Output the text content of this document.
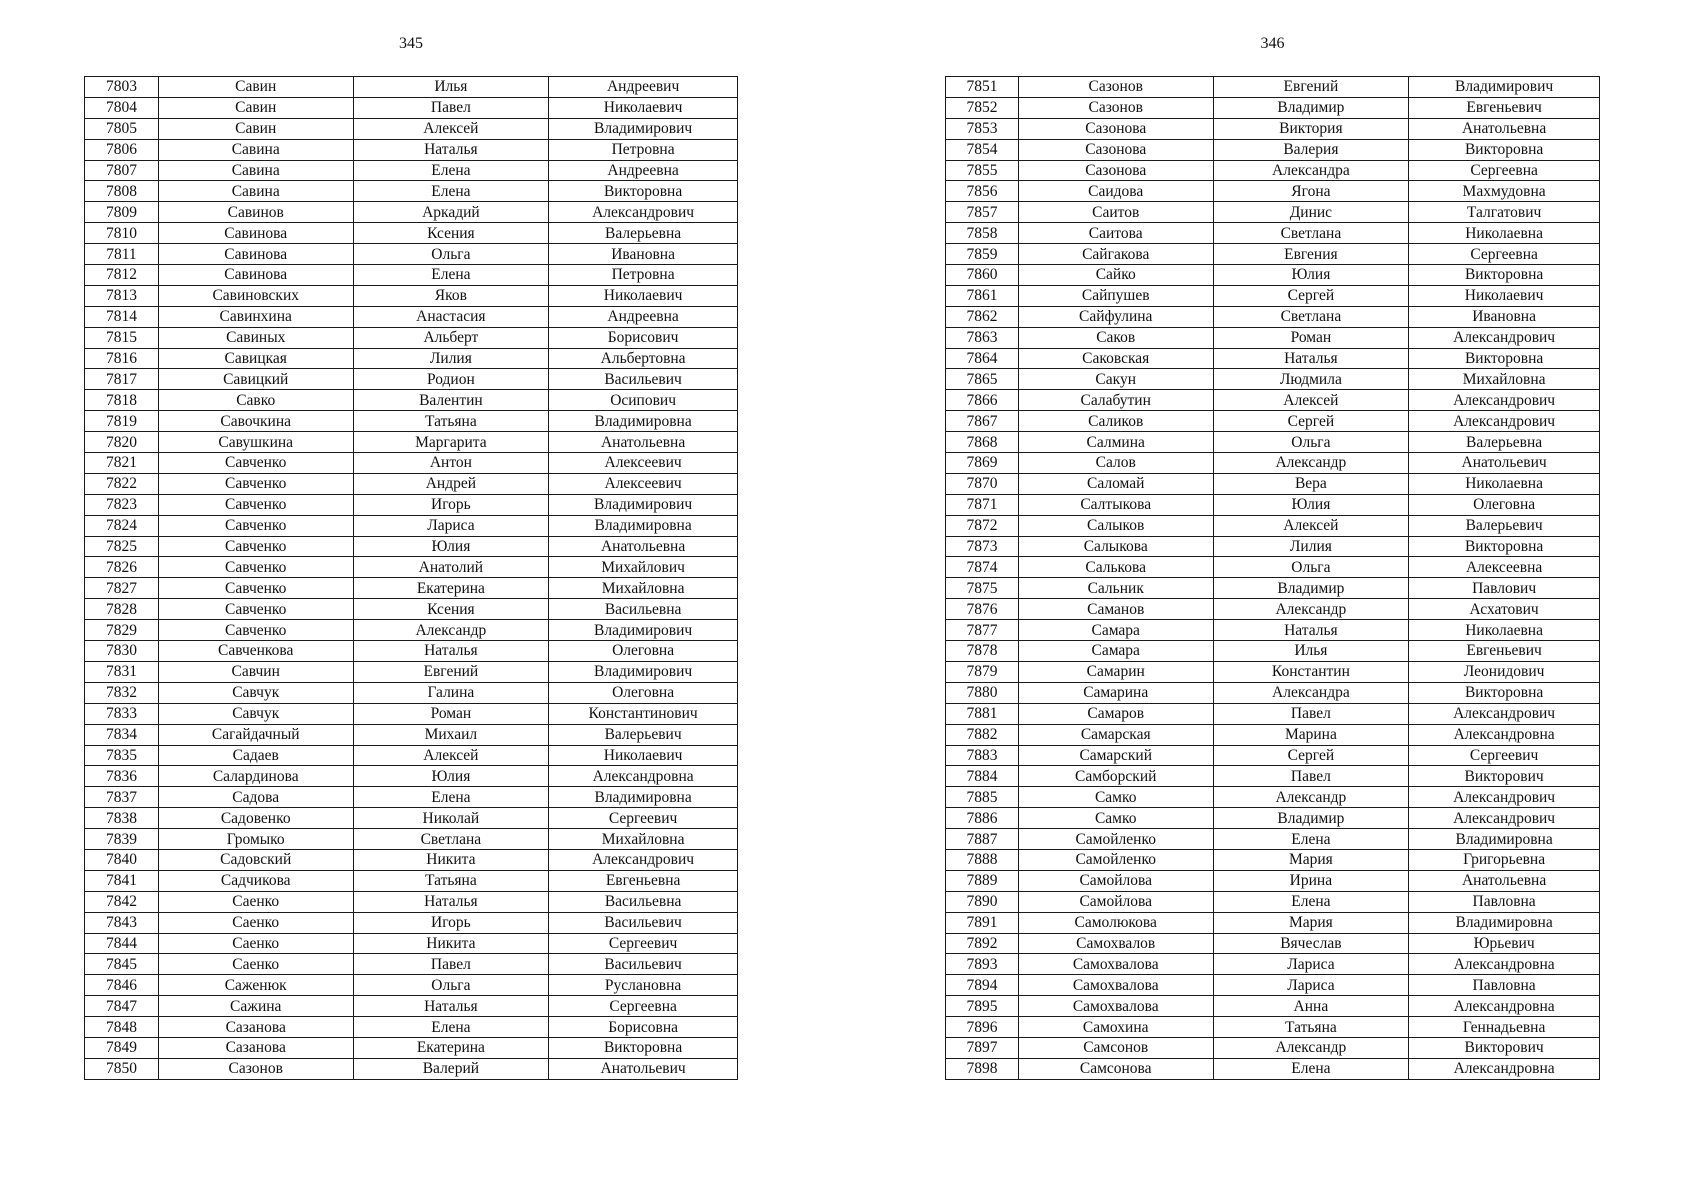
345
7803	Савин	Илья	Андреевич
7804	Савин	Павел	Николаевич
7805	Савин	Алексей	Владимирович
7806	Савина	Наталья	Петровна
7807	Савина	Елена	Андреевна
7808	Савина	Елена	Викторовна
7809	Савинов	Аркадий	Александрович
7810	Савинова	Ксения	Валерьевна
7811	Савинова	Ольга	Ивановна
7812	Савинова	Елена	Петровна
7813	Савиновских	Яков	Николаевич
7814	Савинхина	Анастасия	Андреевна
7815	Савиных	Альберт	Борисович
7816	Савицкая	Лилия	Альбертовна
7817	Савицкий	Родион	Васильевич
7818	Савко	Валентин	Осипович
7819	Савочкина	Татьяна	Владимировна
7820	Савушкина	Маргарита	Анатольевна
7821	Савченко	Антон	Алексеевич
7822	Савченко	Андрей	Алексеевич
7823	Савченко	Игорь	Владимирович
7824	Савченко	Лариса	Владимировна
7825	Савченко	Юлия	Анатольевна
7826	Савченко	Анатолий	Михайлович
7827	Савченко	Екатерина	Михайловна
7828	Савченко	Ксения	Васильевна
7829	Савченко	Александр	Владимирович
7830	Савченкова	Наталья	Олеговна
7831	Савчин	Евгений	Владимирович
7832	Савчук	Галина	Олеговна
7833	Савчук	Роман	Константинович
7834	Сагайдачный	Михаил	Валерьевич
7835	Садаев	Алексей	Николаевич
7836	Салардинова	Юлия	Александровна
7837	Садова	Елена	Владимировна
7838	Садовенко	Николай	Сергеевич
7839	Громыко	Светлана	Михайловна
7840	Садовский	Никита	Александрович
7841	Садчикова	Татьяна	Евгеньевна
7842	Саенко	Наталья	Васильевна
7843	Саенко	Игорь	Васильевич
7844	Саенко	Никита	Сергеевич
7845	Саенко	Павел	Васильевич
7846	Саженюк	Ольга	Руслановна
7847	Сажина	Наталья	Сергеевна
7848	Сазанова	Елена	Борисовна
7849	Сазанова	Екатерина	Викторовна
7850	Сазонов	Валерий	Анатольевич
346
7851	Сазонов	Евгений	Владимирович
7852	Сазонов	Владимир	Евгеньевич
7853	Сазонова	Виктория	Анатольевна
7854	Сазонова	Валерия	Викторовна
7855	Сазонова	Александра	Сергеевна
7856	Саидова	Ягона	Махмудовна
7857	Саитов	Динис	Талгатович
7858	Саитова	Светлана	Николаевна
7859	Сайгакова	Евгения	Сергеевна
7860	Сайко	Юлия	Викторовна
7861	Сайпушев	Сергей	Николаевич
7862	Сайфулина	Светлана	Ивановна
7863	Саков	Роман	Александрович
7864	Саковская	Наталья	Викторовна
7865	Сакун	Людмила	Михайловна
7866	Салабутин	Алексей	Александрович
7867	Саликов	Сергей	Александрович
7868	Салмина	Ольга	Валерьевна
7869	Салов	Александр	Анатольевич
7870	Саломай	Вера	Николаевна
7871	Салтыкова	Юлия	Олеговна
7872	Салыков	Алексей	Валерьевич
7873	Салыкова	Лилия	Викторовна
7874	Салькова	Ольга	Алексеевна
7875	Сальник	Владимир	Павлович
7876	Саманов	Александр	Асхатович
7877	Самара	Наталья	Николаевна
7878	Самара	Илья	Евгеньевич
7879	Самарин	Константин	Леонидович
7880	Самарина	Александра	Викторовна
7881	Самаров	Павел	Александрович
7882	Самарская	Марина	Александровна
7883	Самарский	Сергей	Сергеевич
7884	Самборский	Павел	Викторович
7885	Самко	Александр	Александрович
7886	Самко	Владимир	Александрович
7887	Самойленко	Елена	Владимировна
7888	Самойленко	Мария	Григорьевна
7889	Самойлова	Ирина	Анатольевна
7890	Самойлова	Елена	Павловна
7891	Самолюкова	Мария	Владимировна
7892	Самохвалов	Вячеслав	Юрьевич
7893	Самохвалова	Лариса	Александровна
7894	Самохвалова	Лариса	Павловна
7895	Самохвалова	Анна	Александровна
7896	Самохина	Татьяна	Геннадьевна
7897	Самсонов	Александр	Викторович
7898	Самсонова	Елена	Александровна
